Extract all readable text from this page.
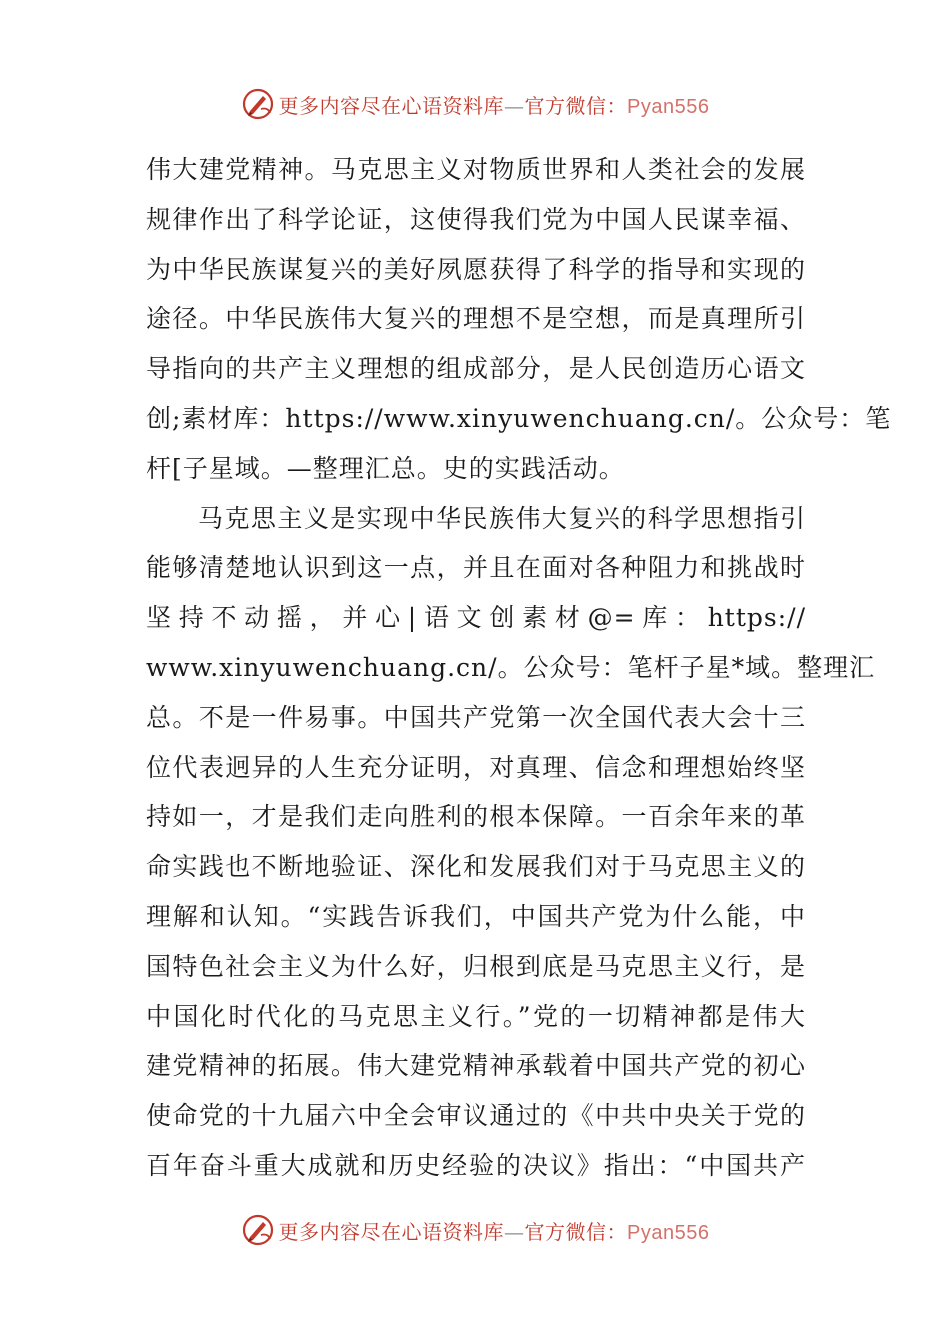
更多内容尽在心语资料库—官方微信：Pyan556
伟大建党精神。马克思主义对物质世界和人类社会的发展
规律作出了科学论证，这使得我们党为中国人民谋幸福、
为中华民族谋复兴的美好夙愿获得了科学的指导和实现的
途径。中华民族伟大复兴的理想不是空想，而是真理所引
导指向的共产主义理想的组成部分，是人民创造历心语文
创;素材库：https://www.xinyuwenchuang.cn/。公众号：笔
杆[子星域。—整理汇总。史的实践活动。
马克思主义是实现中华民族伟大复兴的科学思想指引
能够清楚地认识到这一点，并且在面对各种阻力和挑战时
坚持不动摇，并心|语文创素材@=库：https://
www.xinyuwenchuang.cn/。公众号：笔杆子星*域。整理汇
总。不是一件易事。中国共产党第一次全国代表大会十三
位代表迥异的人生充分证明，对真理、信念和理想始终坚
持如一，才是我们走向胜利的根本保障。一百余年来的革
命实践也不断地验证、深化和发展我们对于马克思主义的
理解和认知。“实践告诉我们，中国共产党为什么能，中
国特色社会主义为什么好，归根到底是马克思主义行，是
中国化时代化的马克思主义行。”党的一切精神都是伟大
建党精神的拓展。伟大建党精神承载着中国共产党的初心
使命党的十九届六中全会审议通过的《中共中央关于党的
百年奋斗重大成就和历史经验的决议》指出：“中国共产
更多内容尽在心语资料库—官方微信：Pyan556
